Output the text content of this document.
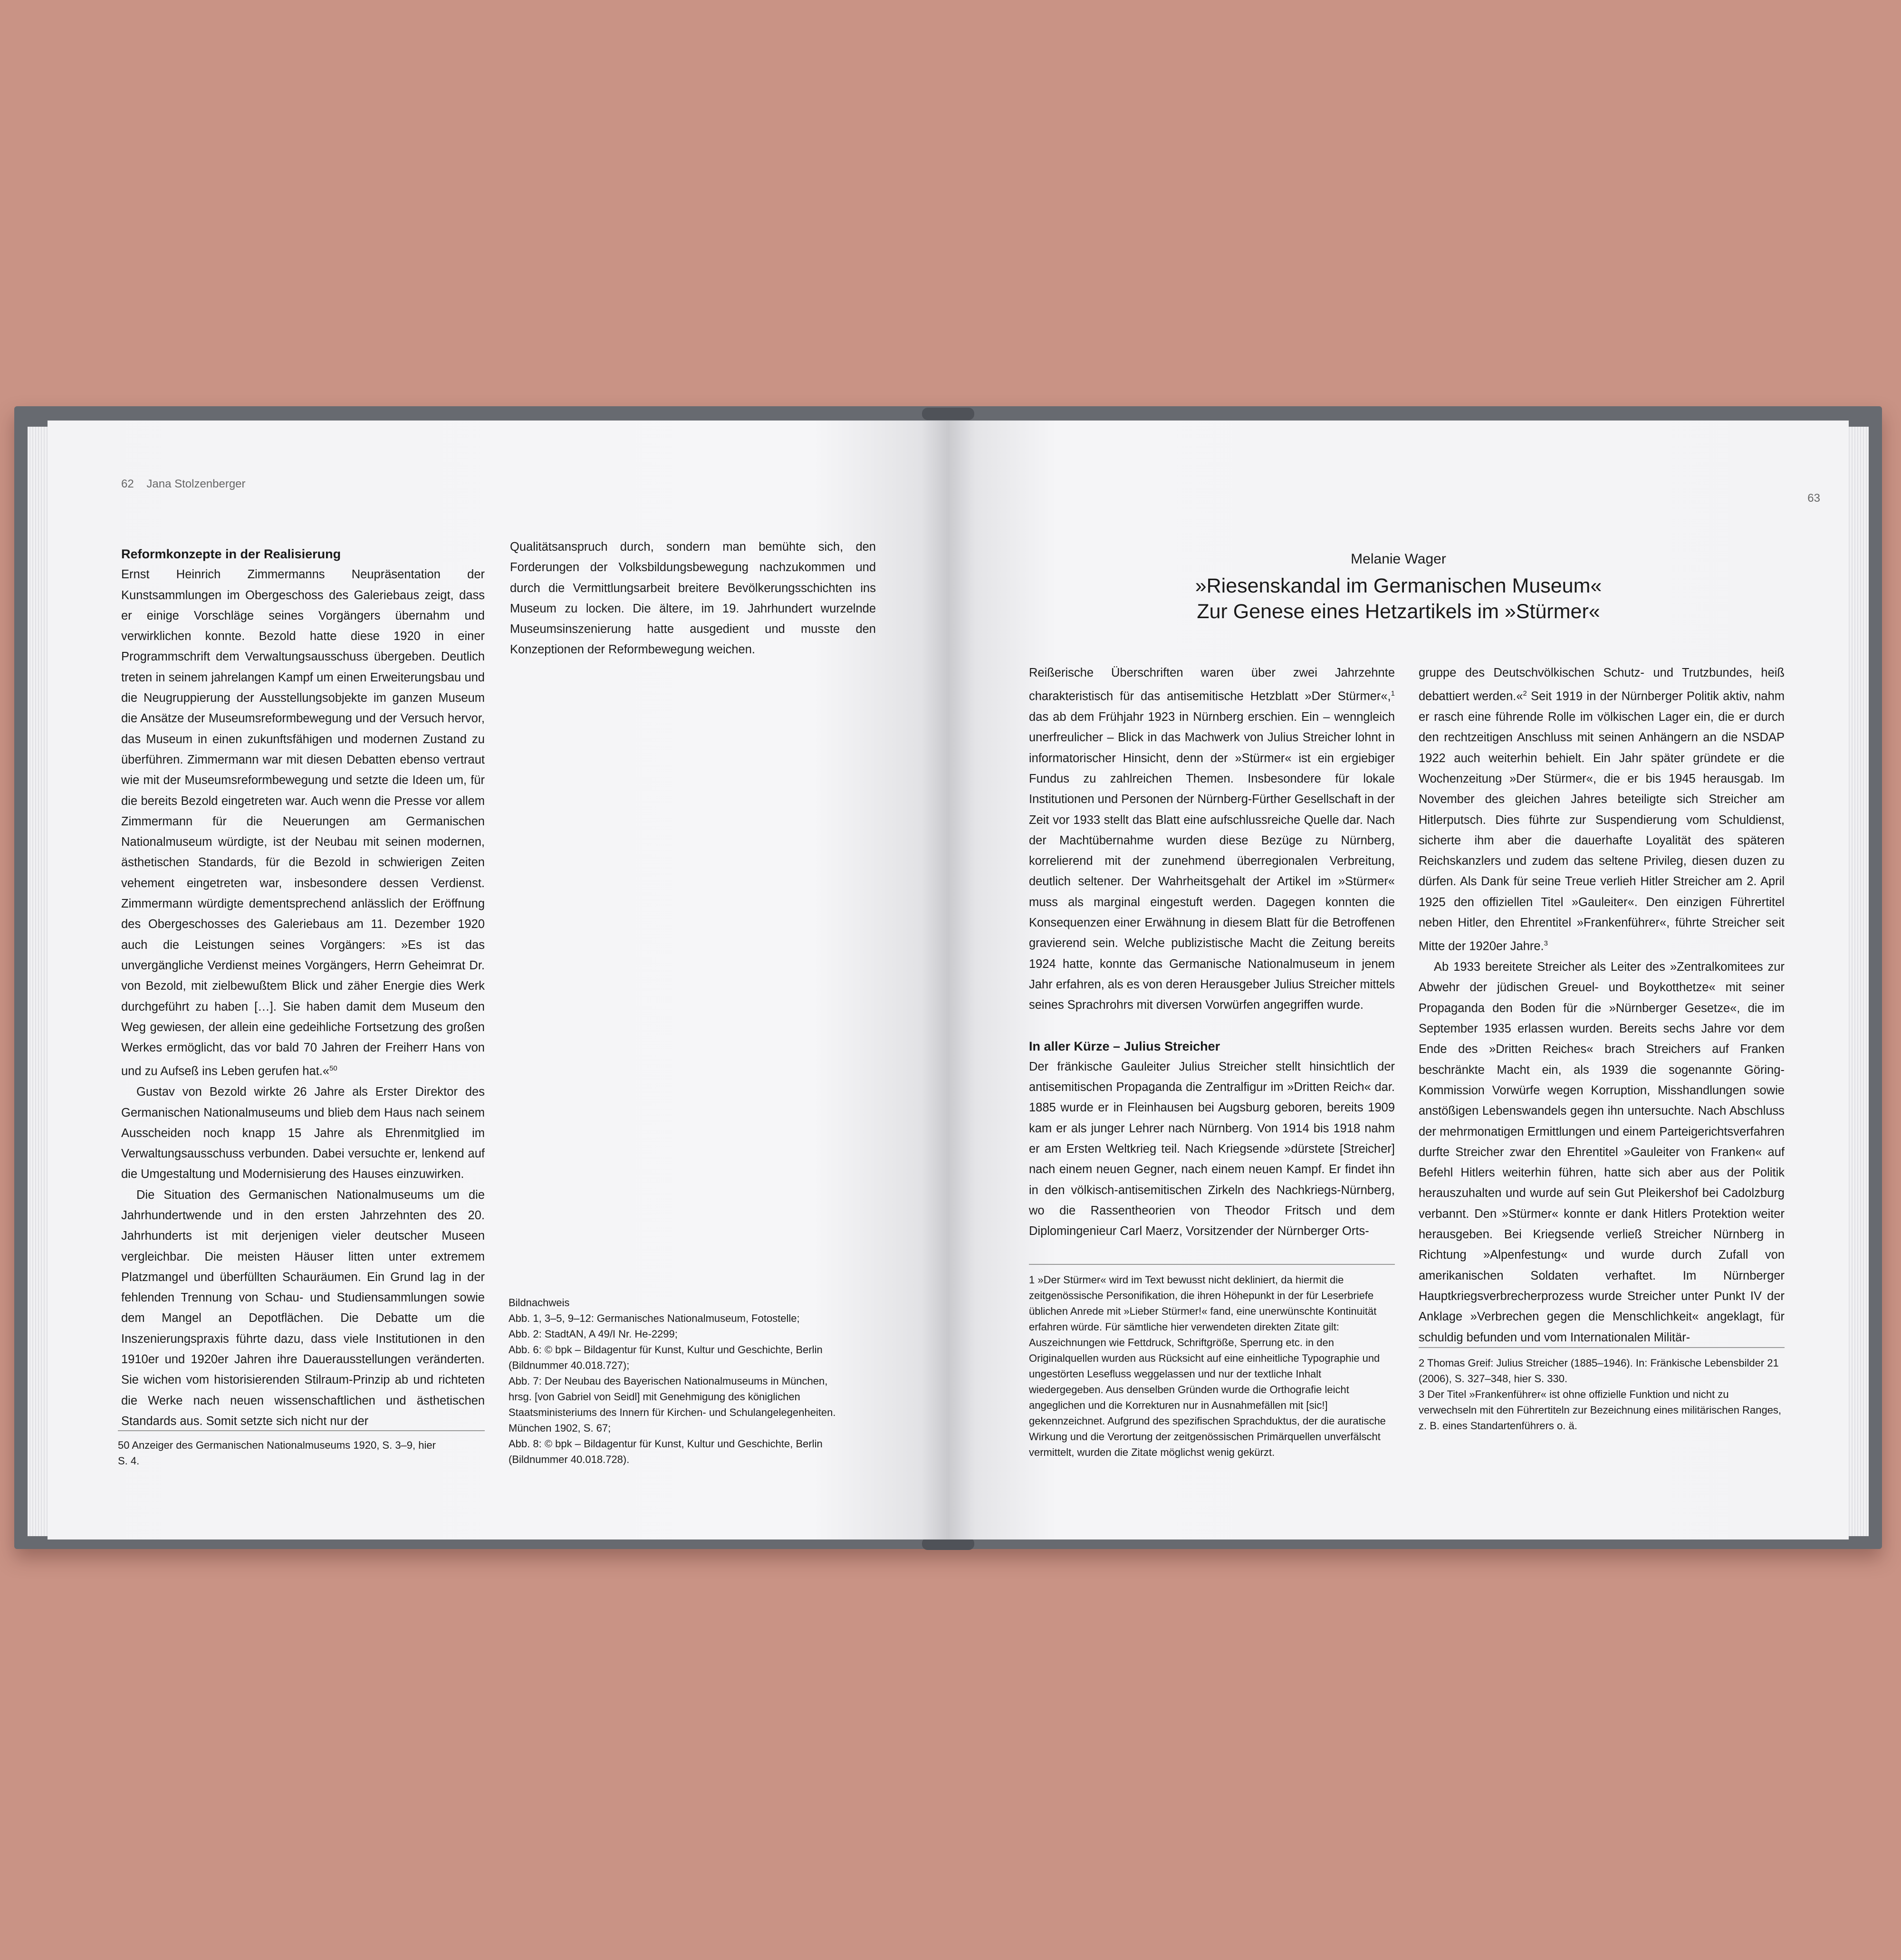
62 Jana Stolzenberger

Reformkonzepte in der Realisierung

Ernst Heinrich Zimmermanns Neupräsentation der Kunstsammlungen im Obergeschoss des Galeriebaus zeigt, dass er einige Vorschläge seines Vorgängers übernahm und verwirklichen konnte. Bezold hatte diese 1920 in einer Programmschrift dem Verwaltungsausschuss übergeben. Deutlich treten in seinem jahrelangen Kampf um einen Erweiterungsbau und die Neugruppierung der Ausstellungsobjekte im ganzen Museum die Ansätze der Museumsreformbewegung und der Versuch hervor, das Museum in einen zukunftsfähigen und modernen Zustand zu überführen. Zimmermann war mit diesen Debatten ebenso vertraut wie mit der Museumsreformbewegung und setzte die Ideen um, für die bereits Bezold eingetreten war. Auch wenn die Presse vor allem Zimmermann für die Neuerungen am Germanischen Nationalmuseum würdigte, ist der Neubau mit seinen modernen, ästhetischen Standards, für die Bezold in schwierigen Zeiten vehement eingetreten war, insbesondere dessen Verdienst. Zimmermann würdigte dementsprechend anlässlich der Eröffnung des Obergeschosses des Galeriebaus am 11. Dezember 1920 auch die Leistungen seines Vorgängers: »Es ist das unvergängliche Verdienst meines Vorgängers, Herrn Geheimrat Dr. von Bezold, mit zielbewußtem Blick und zäher Energie dies Werk durchgeführt zu haben […]. Sie haben damit dem Museum den Weg gewiesen, der allein eine gedeihliche Fortsetzung des großen Werkes ermöglicht, das vor bald 70 Jahren der Freiherr Hans von und zu Aufseß ins Leben gerufen hat.«$^{50}$

Gustav von Bezold wirkte 26 Jahre als Erster Direktor des Germanischen Nationalmuseums und blieb dem Haus nach seinem Ausscheiden noch knapp 15 Jahre als Ehrenmitglied im Verwaltungsausschuss verbunden. Dabei versuchte er, lenkend auf die Umgestaltung und Modernisierung des Hauses einzuwirken.

Die Situation des Germanischen Nationalmuseums um die Jahrhundertwende und in den ersten Jahrzehnten des 20. Jahrhunderts ist mit derjenigen vieler deutscher Museen vergleichbar. Die meisten Häuser litten unter extremem Platzmangel und überfüllten Schauräumen. Ein Grund lag in der fehlenden Trennung von Schau- und Studiensammlungen sowie dem Mangel an Depotflächen. Die Debatte um die Inszenierungspraxis führte dazu, dass viele Institutionen in den 1910er und 1920er Jahren ihre Dauerausstellungen veränderten. Sie wichen vom historisierenden Stilraum-Prinzip ab und richteten die Werke nach neuen wissenschaftlichen und ästhetischen Standards aus. Somit setzte sich nicht nur der

Qualitätsanspruch durch, sondern man bemühte sich, den Forderungen der Volksbildungsbewegung nachzukommen und durch die Vermittlungsarbeit breitere Bevölkerungsschichten ins Museum zu locken. Die ältere, im 19. Jahrhundert wurzelnde Museumsinszenierung hatte ausgedient und musste den Konzeptionen der Reformbewegung weichen.

50 Anzeiger des Germanischen Nationalmuseums 1920, S. 3–9, hier S. 4.

Bildnachweis

Abb. 1, 3–5, 9–12: Germanisches Nationalmuseum, Fotostelle;

Abb. 2: StadtAN, A 49/I Nr. He-2299;

Abb. 6: © bpk – Bildagentur für Kunst, Kultur und Geschichte, Berlin

(Bildnummer 40.018.727);

Abb. 7: Der Neubau des Bayerischen Nationalmuseums in München,

hrsg. [von Gabriel von Seidl] mit Genehmigung des königlichen

Staatsministeriums des Innern für Kirchen- und Schulangelegenheiten.

München 1902, S. 67;

Abb. 8: © bpk – Bildagentur für Kunst, Kultur und Geschichte, Berlin

(Bildnummer 40.018.728).

63
Melanie Wager
»Riesenskandal im Germanischen Museum«
Zur Genese eines Hetzartikels im »Stürmer«

Reißerische Überschriften waren über zwei Jahrzehnte charakteristisch für das antisemitische Hetzblatt »Der Stürmer«,$^1$ das ab dem Frühjahr 1923 in Nürnberg erschien. Ein – wenngleich unerfreulicher – Blick in das Machwerk von Julius Streicher lohnt in informatorischer Hinsicht, denn der »Stürmer« ist ein ergiebiger Fundus zu zahlreichen Themen. Insbesondere für lokale Institutionen und Personen der Nürnberg-Fürther Gesellschaft in der Zeit vor 1933 stellt das Blatt eine aufschlussreiche Quelle dar. Nach der Machtübernahme wurden diese Bezüge zu Nürnberg, korrelierend mit der zunehmend überregionalen Verbreitung, deutlich seltener. Der Wahrheitsgehalt der Artikel im »Stürmer« muss als marginal eingestuft werden. Dagegen konnten die Konsequenzen einer Erwähnung in diesem Blatt für die Betroffenen gravierend sein. Welche publizistische Macht die Zeitung bereits 1924 hatte, konnte das Germanische Nationalmuseum in jenem Jahr erfahren, als es von deren Herausgeber Julius Streicher mittels seines Sprachrohrs mit diversen Vorwürfen angegriffen wurde.

In aller Kürze – Julius Streicher

Der fränkische Gauleiter Julius Streicher stellt hinsichtlich der antisemitischen Propaganda die Zentralfigur im »Dritten Reich« dar. 1885 wurde er in Fleinhausen bei Augsburg geboren, bereits 1909 kam er als junger Lehrer nach Nürnberg. Von 1914 bis 1918 nahm er am Ersten Weltkrieg teil. Nach Kriegsende »dürstete [Streicher] nach einem neuen Gegner, nach einem neuen Kampf. Er findet ihn in den völkisch-antisemitischen Zirkeln des Nachkriegs-Nürnberg, wo die Rassentheorien von Theodor Fritsch und dem Diplomingenieur Carl Maerz, Vorsitzender der Nürnberger Orts-

gruppe des Deutschvölkischen Schutz- und Trutzbundes, heiß debattiert werden.«$^2$ Seit 1919 in der Nürnberger Politik aktiv, nahm er rasch eine führende Rolle im völkischen Lager ein, die er durch den rechtzeitigen Anschluss mit seinen Anhängern an die NSDAP 1922 auch weiterhin behielt. Ein Jahr später gründete er die Wochenzeitung »Der Stürmer«, die er bis 1945 herausgab. Im November des gleichen Jahres beteiligte sich Streicher am Hitlerputsch. Dies führte zur Suspendierung vom Schuldienst, sicherte ihm aber die dauerhafte Loyalität des späteren Reichskanzlers und zudem das seltene Privileg, diesen duzen zu dürfen. Als Dank für seine Treue verlieh Hitler Streicher am 2. April 1925 den offiziellen Titel »Gauleiter«. Den einzigen Führertitel neben Hitler, den Ehrentitel »Frankenführer«, führte Streicher seit Mitte der 1920er Jahre.$^3$

Ab 1933 bereitete Streicher als Leiter des »Zentralkomitees zur Abwehr der jüdischen Greuel- und Boykotthetze« mit seiner Propaganda den Boden für die »Nürnberger Gesetze«, die im September 1935 erlassen wurden. Bereits sechs Jahre vor dem Ende des »Dritten Reiches« brach Streichers auf Franken beschränkte Macht ein, als 1939 die sogenannte Göring-Kommission Vorwürfe wegen Korruption, Misshandlungen sowie anstößigen Lebenswandels gegen ihn untersuchte. Nach Abschluss der mehrmonatigen Ermittlungen und einem Parteigerichtsverfahren durfte Streicher zwar den Ehrentitel »Gauleiter von Franken« auf Befehl Hitlers weiterhin führen, hatte sich aber aus der Politik herauszuhalten und wurde auf sein Gut Pleikershof bei Cadolzburg verbannt. Den »Stürmer« konnte er dank Hitlers Protektion weiter herausgeben. Bei Kriegsende verließ Streicher Nürnberg in Richtung »Alpenfestung« und wurde durch Zufall von amerikanischen Soldaten verhaftet. Im Nürnberger Hauptkriegsverbrecherprozess wurde Streicher unter Punkt IV der Anklage »Verbrechen gegen die Menschlichkeit« angeklagt, für schuldig befunden und vom Internationalen Militär-

1 »Der Stürmer« wird im Text bewusst nicht dekliniert, da hiermit die zeitgenössische Personifikation, die ihren Höhepunkt in der für Leserbriefe üblichen Anrede mit »Lieber Stürmer!« fand, eine unerwünschte Kontinuität erfahren würde. Für sämtliche hier verwendeten direkten Zitate gilt: Auszeichnungen wie Fettdruck, Schriftgröße, Sperrung etc. in den Originalquellen wurden aus Rücksicht auf eine einheitliche Typographie und ungestörten Lesefluss weggelassen und nur der textliche Inhalt wiedergegeben. Aus denselben Gründen wurde die Orthografie leicht angeglichen und die Korrekturen nur in Ausnahmefällen mit [sic!] gekennzeichnet. Aufgrund des spezifischen Sprachduktus, der die auratische Wirkung und die Verortung der zeitgenössischen Primärquellen unverfälscht vermittelt, wurden die Zitate möglichst wenig gekürzt.

2 Thomas Greif: Julius Streicher (1885–1946). In: Fränkische Lebensbilder 21 (2006), S. 327–348, hier S. 330.

3 Der Titel »Frankenführer« ist ohne offizielle Funktion und nicht zu verwechseln mit den Führertiteln zur Bezeichnung eines militärischen Ranges, z. B. eines Standartenführers o. ä.
